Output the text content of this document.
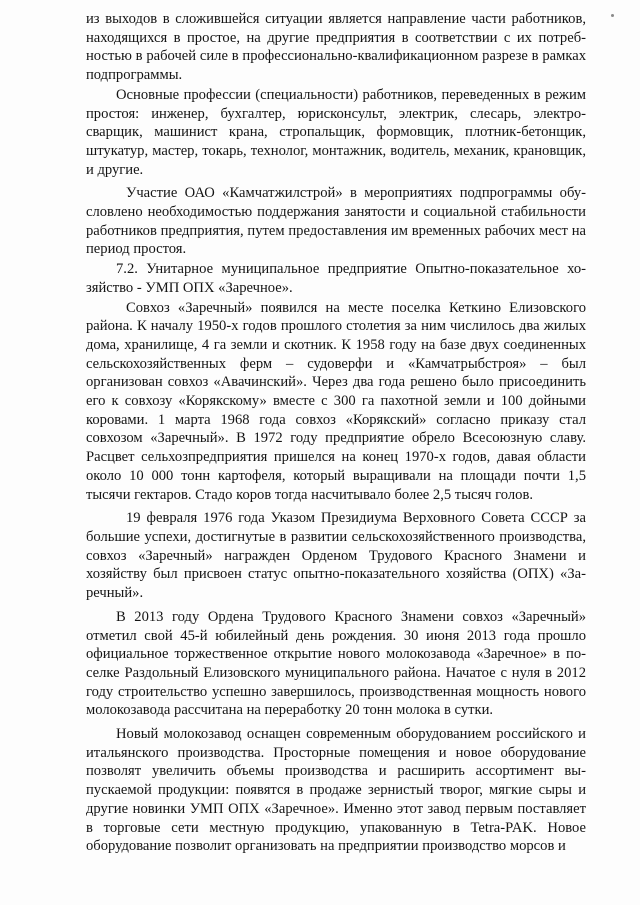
из выходов в сложившейся ситуации является направление части работников, находящихся в простое, на другие предприятия в соответствии с их потребностью в рабочей силе в профессионально-квалификационном разрезе в рамках подпрограммы.

Основные профессии (специальности) работников, переведенных в режим простоя: инженер, бухгалтер, юрисконсульт, электрик, слесарь, электросварщик, машинист крана, стропальщик, формовщик, плотник-бетонщик, штукатур, мастер, токарь, технолог, монтажник, водитель, механик, крановщик, и другие.

Участие ОАО «Камчатжилстрой» в мероприятиях подпрограммы обусловлено необходимостью поддержания занятости и социальной стабильности работников предприятия, путем предоставления им временных рабочих мест на период простоя.

7.2. Унитарное муниципальное предприятие Опытно-показательное хозяйство - УМП ОПХ «Заречное».

Совхоз «Заречный» появился на месте поселка Кеткино Елизовского района. К началу 1950-х годов прошлого столетия за ним числилось два жилых дома, хранилище, 4 га земли и скотник. К 1958 году на базе двух соединенных сельскохозяйственных ферм – судоверфи и «Камчатрыбстроя» – был организован совхоз «Авачинский». Через два года решено было присоединить его к совхозу «Корякскому» вместе с 300 га пахотной земли и 100 дойными коровами. 1 марта 1968 года совхоз «Корякский» согласно приказу стал совхозом «Заречный». В 1972 году предприятие обрело Всесоюзную славу. Расцвет сельхозпредприятия пришелся на конец 1970-х годов, давая области около 10 000 тонн картофеля, который выращивали на площади почти 1,5 тысячи гектаров. Стадо коров тогда насчитывало более 2,5 тысяч голов.

19 февраля 1976 года Указом Президиума Верховного Совета СССР за большие успехи, достигнутые в развитии сельскохозяйственного производства, совхоз «Заречный» награжден Орденом Трудового Красного Знамени и хозяйству был присвоен статус опытно-показательного хозяйства (ОПХ) «Заречный».

В 2013 году Ордена Трудового Красного Знамени совхоз «Заречный» отметил свой 45-й юбилейный день рождения. 30 июня 2013 года прошло официальное торжественное открытие нового молокозавода «Заречное» в поселке Раздольный Елизовского муниципального района. Начатое с нуля в 2012 году строительство успешно завершилось, производственная мощность нового молокозавода рассчитана на переработку 20 тонн молока в сутки.

Новый молокозавод оснащен современным оборудованием российского и итальянского производства. Просторные помещения и новое оборудование позволят увеличить объемы производства и расширить ассортимент выпускаемой продукции: появятся в продаже зернистый творог, мягкие сыры и другие новинки УМП ОПХ «Заречное». Именно этот завод первым поставляет в торговые сети местную продукцию, упакованную в Tetra-PAK. Новое оборудование позволит организовать на предприятии производство морсов и
